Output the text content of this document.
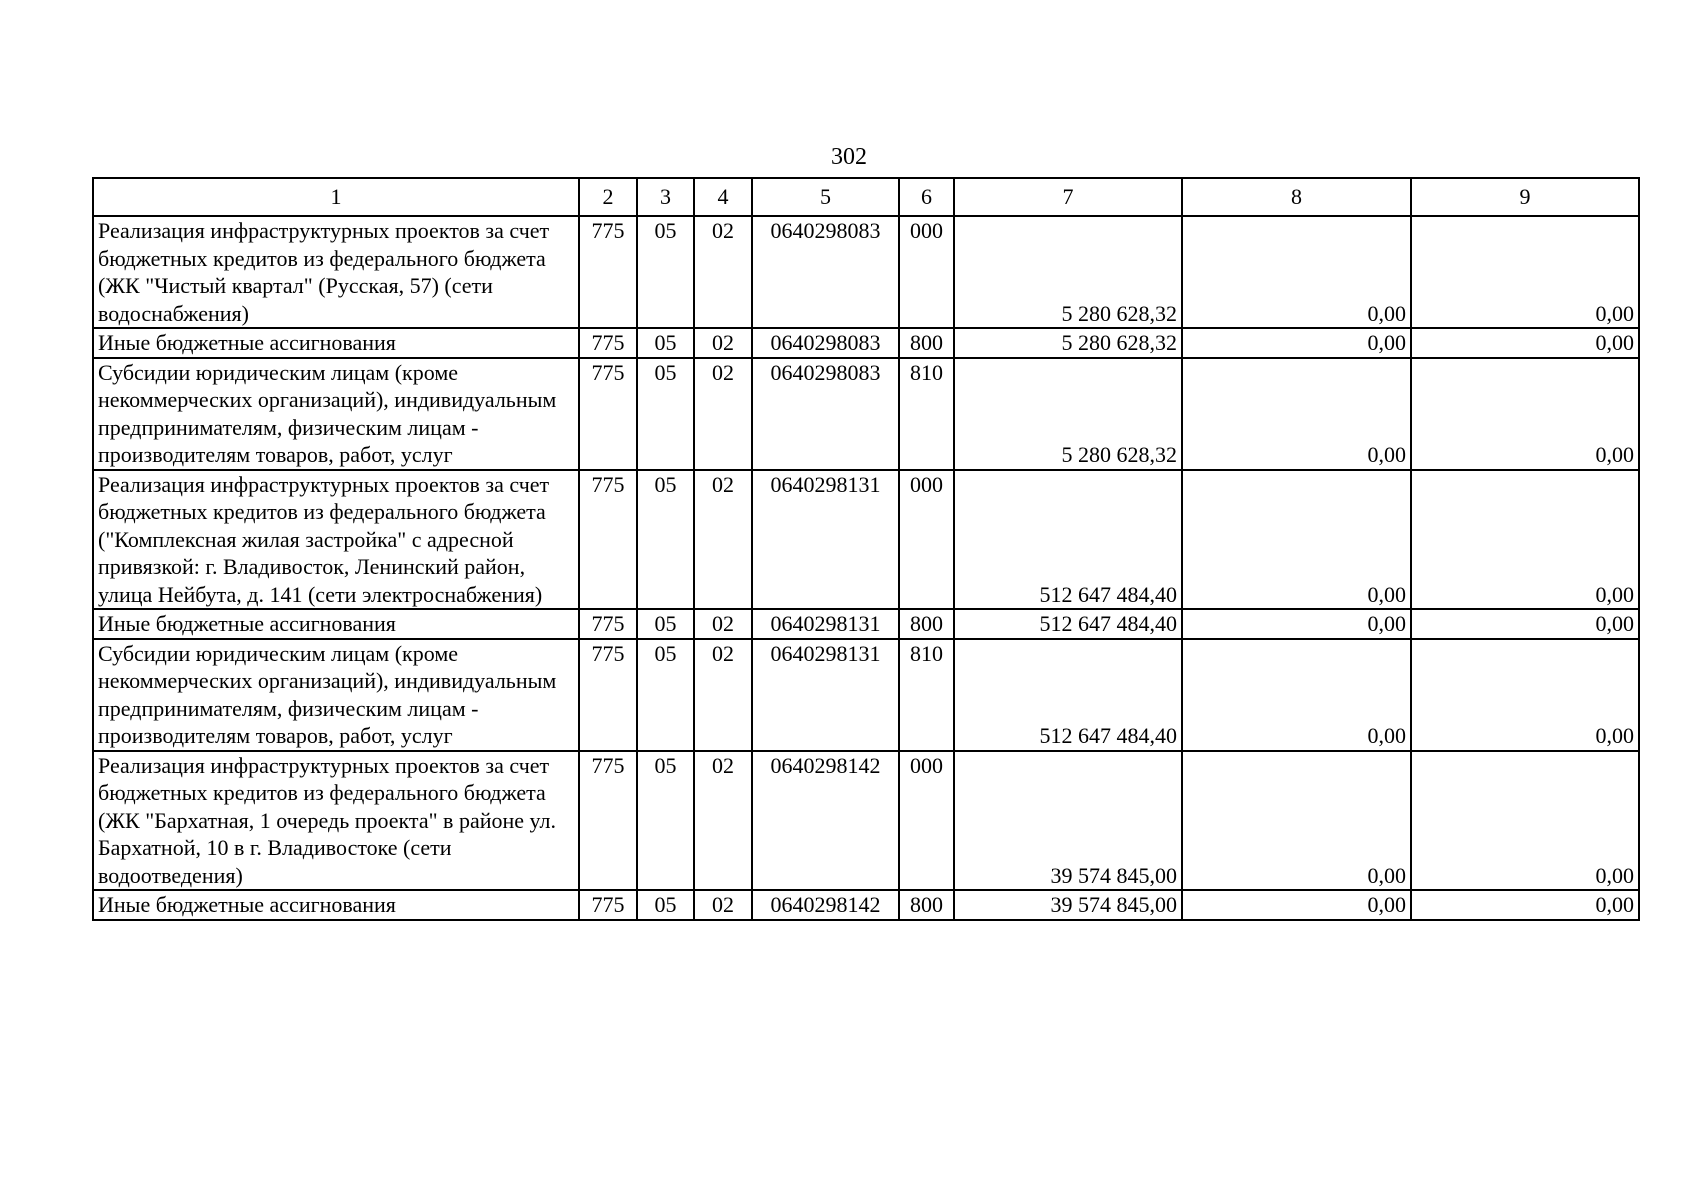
302
1	2	3	4	5	6	7	8	9
Реализация инфраструктурных проектов за счет бюджетных кредитов из федерального бюджета (ЖК "Чистый квартал" (Русская, 57) (сети водоснабжения)	775	05	02	0640298083	000	5 280 628,32	0,00	0,00
Иные бюджетные ассигнования	775	05	02	0640298083	800	5 280 628,32	0,00	0,00
Субсидии юридическим лицам (кроме некоммерческих организаций), индивидуальным предпринимателям, физическим лицам - производителям товаров, работ, услуг	775	05	02	0640298083	810	5 280 628,32	0,00	0,00
Реализация инфраструктурных проектов за счет бюджетных кредитов из федерального бюджета ("Комплексная жилая застройка" с адресной привязкой: г. Владивосток, Ленинский район, улица Нейбута, д. 141 (сети электроснабжения)	775	05	02	0640298131	000	512 647 484,40	0,00	0,00
Иные бюджетные ассигнования	775	05	02	0640298131	800	512 647 484,40	0,00	0,00
Субсидии юридическим лицам (кроме некоммерческих организаций), индивидуальным предпринимателям, физическим лицам - производителям товаров, работ, услуг	775	05	02	0640298131	810	512 647 484,40	0,00	0,00
Реализация инфраструктурных проектов за счет бюджетных кредитов из федерального бюджета (ЖК "Бархатная, 1 очередь проекта" в районе ул. Бархатной, 10 в г. Владивостоке (сети водоотведения)	775	05	02	0640298142	000	39 574 845,00	0,00	0,00
Иные бюджетные ассигнования	775	05	02	0640298142	800	39 574 845,00	0,00	0,00
